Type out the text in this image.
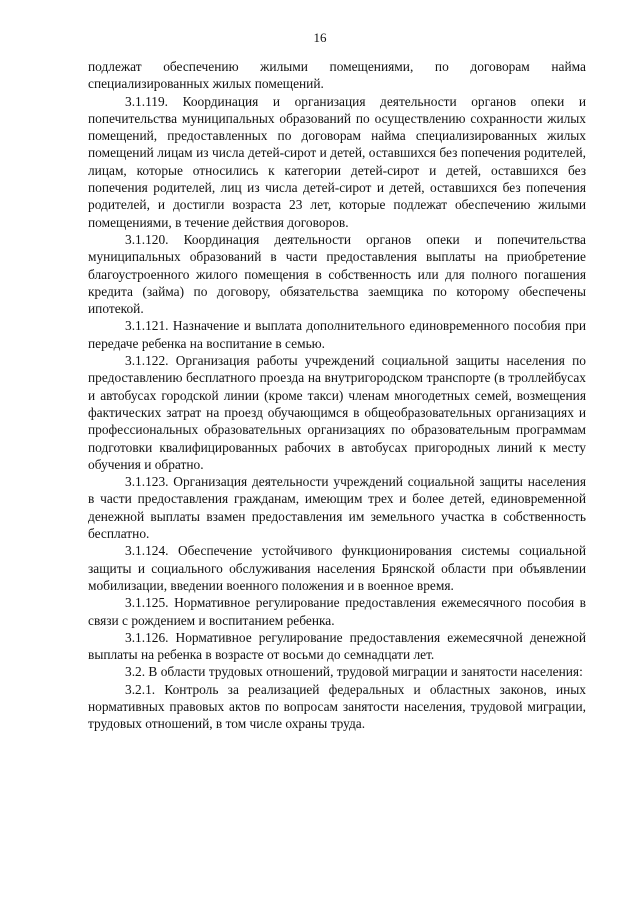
16

подлежат обеспечению жилыми помещениями, по договорам найма специализированных жилых помещений.

3.1.119. Координация и организация деятельности органов опеки и попечительства муниципальных образований по осуществлению сохранности жилых помещений, предоставленных по договорам найма специализированных жилых помещений лицам из числа детей-сирот и детей, оставшихся без попечения родителей, лицам, которые относились к категории детей-сирот и детей, оставшихся без попечения родителей, лиц из числа детей-сирот и детей, оставшихся без попечения родителей, и достигли возраста 23 лет, которые подлежат обеспечению жилыми помещениями, в течение действия договоров.

3.1.120. Координация деятельности органов опеки и попечительства муниципальных образований в части предоставления выплаты на приобретение благоустроенного жилого помещения в собственность или для полного погашения кредита (займа) по договору, обязательства заемщика по которому обеспечены ипотекой.

3.1.121. Назначение и выплата дополнительного единовременного пособия при передаче ребенка на воспитание в семью.

3.1.122. Организация работы учреждений социальной защиты населения по предоставлению бесплатного проезда на внутригородском транспорте (в троллейбусах и автобусах городской линии (кроме такси) членам многодетных семей, возмещения фактических затрат на проезд обучающимся в общеобразовательных организациях и профессиональных образовательных организациях по образовательным программам подготовки квалифицированных рабочих в автобусах пригородных линий к месту обучения и обратно.

3.1.123. Организация деятельности учреждений социальной защиты населения в части предоставления гражданам, имеющим трех и более детей, единовременной денежной выплаты взамен предоставления им земельного участка в собственность бесплатно.

3.1.124. Обеспечение устойчивого функционирования системы социальной защиты и социального обслуживания населения Брянской области при объявлении мобилизации, введении военного положения и в военное время.

3.1.125. Нормативное регулирование предоставления ежемесячного пособия в связи с рождением и воспитанием ребенка.

3.1.126. Нормативное регулирование предоставления ежемесячной денежной выплаты на ребенка в возрасте от восьми до семнадцати лет.

3.2. В области трудовых отношений, трудовой миграции и занятости населения:

3.2.1. Контроль за реализацией федеральных и областных законов, иных нормативных правовых актов по вопросам занятости населения, трудовой миграции, трудовых отношений, в том числе охраны труда.
